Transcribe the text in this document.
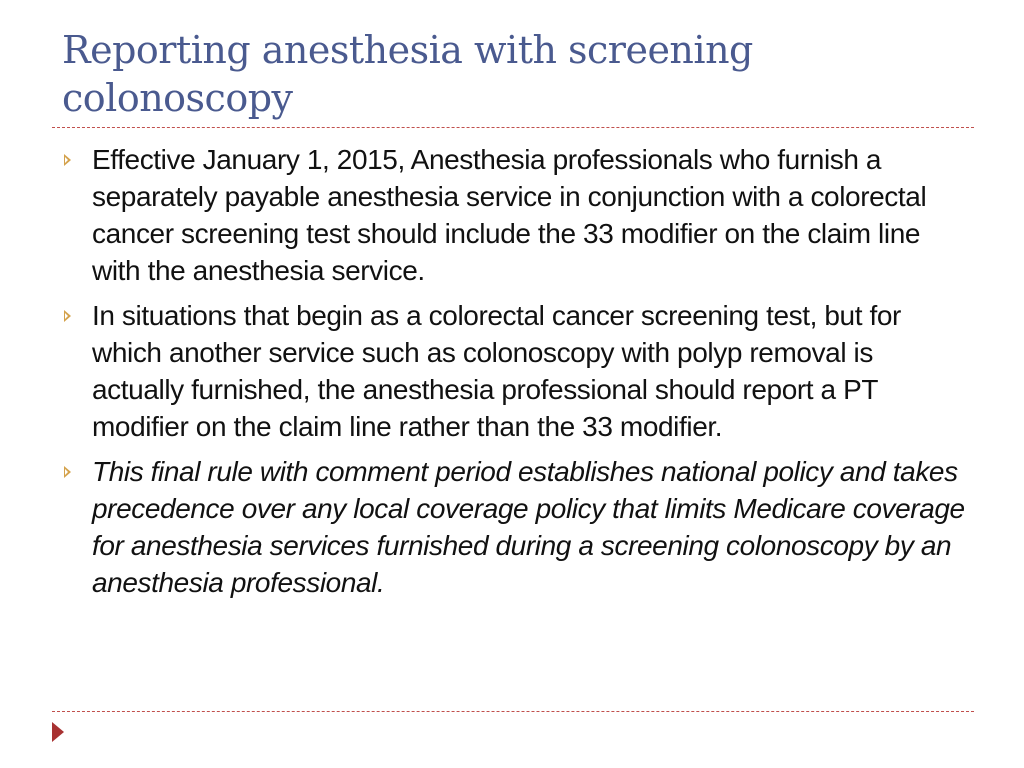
Reporting anesthesia with screening colonoscopy
Effective January 1, 2015, Anesthesia professionals who furnish a separately payable anesthesia service in conjunction with a colorectal cancer screening test should include the 33 modifier on the claim line with the anesthesia service.
In situations that begin as a colorectal cancer screening test, but for which another service such as colonoscopy with polyp removal is actually furnished, the anesthesia professional should report a PT modifier on the claim line rather than the 33 modifier.
This final rule with comment period establishes national policy and takes precedence over any local coverage policy that limits Medicare coverage for anesthesia services furnished during a screening colonoscopy by an anesthesia professional.
